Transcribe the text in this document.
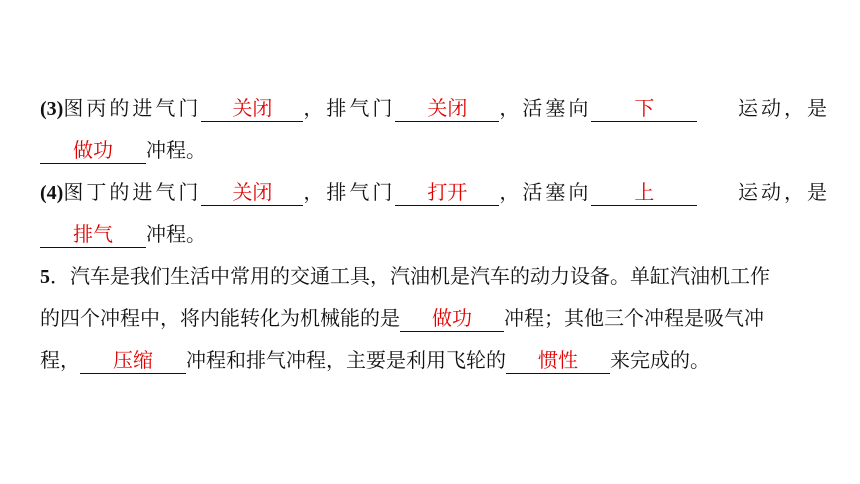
(3) 图丙的进气门	关闭	，排气门	关闭	，活塞向	下	运动，是
做功	冲程。
(4) 图丁的进气门	关闭	，排气门	打开	，活塞向	上	运动，是
排气	冲程。
5 ．汽车是我们生活中常用的交通工具，汽油机是汽车的动力设备。单缸汽油机工作
的四个冲程中，将内能转化为机械能的是	做功	冲程；其他三个冲程是吸气冲
程，	压缩	冲程和排气冲程，主要是利用飞轮的	惯性	来完成的。
